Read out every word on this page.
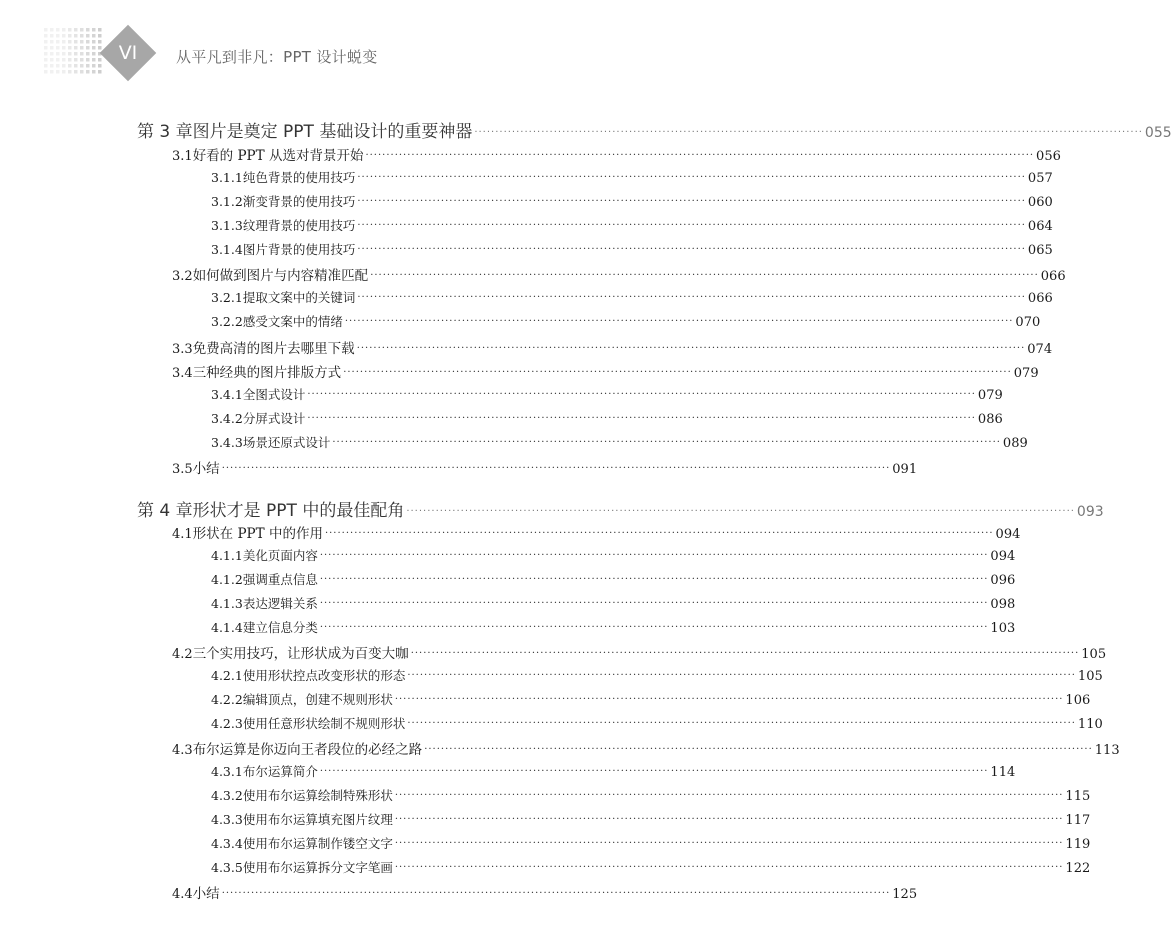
VI	从平凡到非凡：PPT 设计蜕变
第 3 章 图片是奠定 PPT 基础设计的重要神器 ································································································································································ 055
3.1 好看的 PPT 从选对背景开始 ································································································································································ 056
3.1.1 纯色背景的使用技巧 ································································································································································ 057
3.1.2 渐变背景的使用技巧 ································································································································································ 060
3.1.3 纹理背景的使用技巧 ································································································································································ 064
3.1.4 图片背景的使用技巧 ································································································································································ 065
3.2 如何做到图片与内容精准匹配 ································································································································································ 066
3.2.1 提取文案中的关键词 ································································································································································ 066
3.2.2 感受文案中的情绪 ································································································································································ 070
3.3 免费高清的图片去哪里下载 ································································································································································ 074
3.4 三种经典的图片排版方式 ································································································································································ 079
3.4.1 全图式设计 ································································································································································ 079
3.4.2 分屏式设计 ································································································································································ 086
3.4.3 场景还原式设计 ································································································································································ 089
3.5 小结 ································································································································································ 091
第 4 章 形状才是 PPT 中的最佳配角 ································································································································································ 093
4.1 形状在 PPT 中的作用 ································································································································································ 094
4.1.1 美化页面内容 ································································································································································ 094
4.1.2 强调重点信息 ································································································································································ 096
4.1.3 表达逻辑关系 ································································································································································ 098
4.1.4 建立信息分类 ································································································································································ 103
4.2 三个实用技巧，让形状成为百变大咖 ································································································································································ 105
4.2.1 使用形状控点改变形状的形态 ································································································································································ 105
4.2.2 编辑顶点，创建不规则形状 ································································································································································ 106
4.2.3 使用任意形状绘制不规则形状 ································································································································································ 110
4.3 布尔运算是你迈向王者段位的必经之路 ································································································································································ 113
4.3.1 布尔运算简介 ································································································································································ 114
4.3.2 使用布尔运算绘制特殊形状 ································································································································································ 115
4.3.3 使用布尔运算填充图片纹理 ································································································································································ 117
4.3.4 使用布尔运算制作镂空文字 ································································································································································ 119
4.3.5 使用布尔运算拆分文字笔画 ································································································································································ 122
4.4 小结 ································································································································································ 125
